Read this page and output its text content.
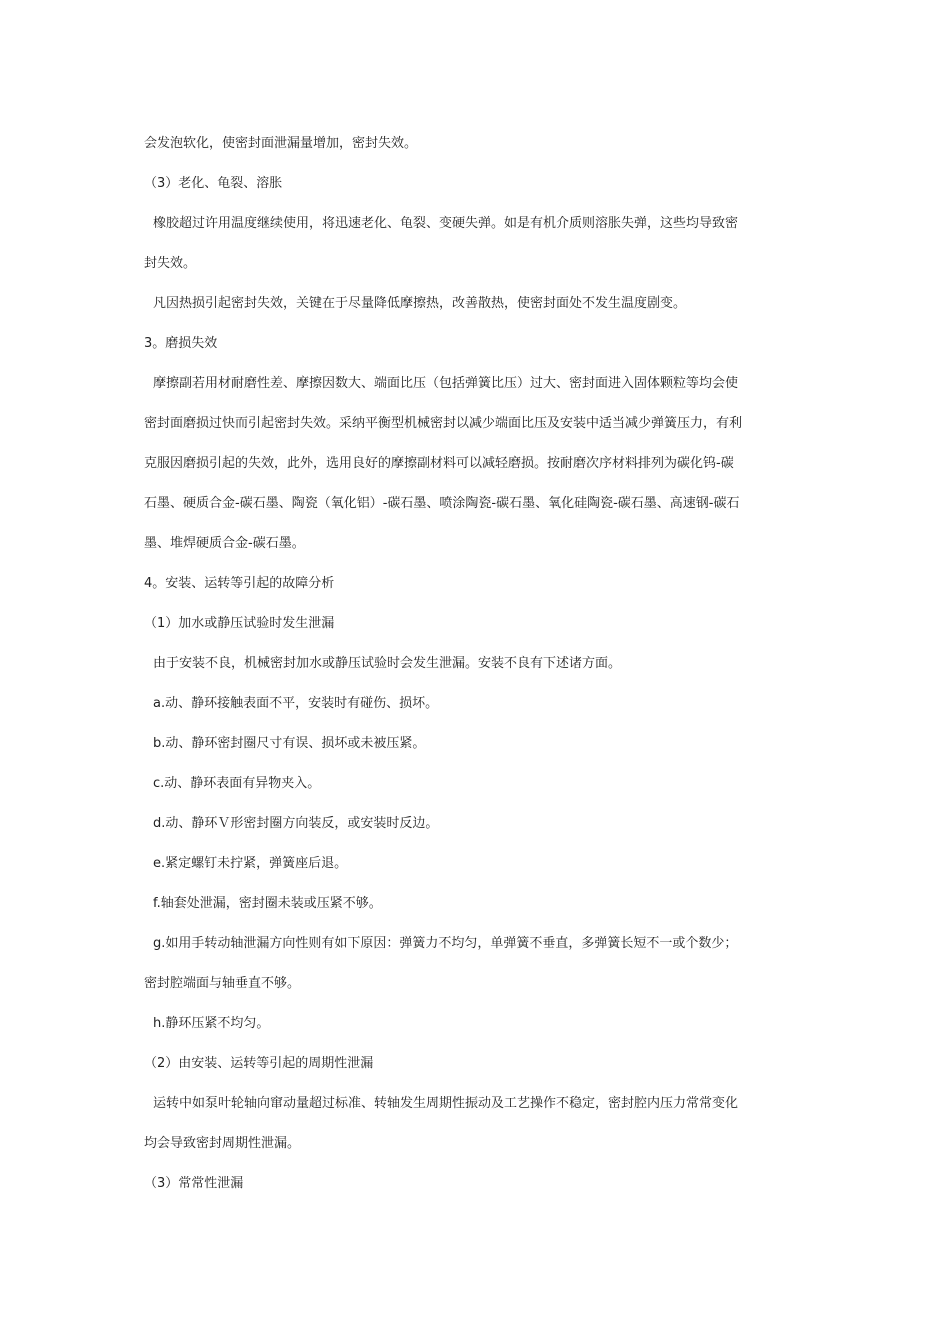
会发泡软化，使密封面泄漏量增加，密封失效。
（3）老化、龟裂、溶胀
橡胶超过许用温度继续使用，将迅速老化、龟裂、变硬失弹。如是有机介质则溶胀失弹，这些均导致密
封失效。
凡因热损引起密封失效，关键在于尽量降低摩擦热，改善散热，使密封面处不发生温度剧变。
3。磨损失效
摩擦副若用材耐磨性差、摩擦因数大、端面比压（包括弹簧比压）过大、密封面进入固体颗粒等均会使
密封面磨损过快而引起密封失效。采纳平衡型机械密封以减少端面比压及安装中适当减少弹簧压力，有利
克服因磨损引起的失效，此外，选用良好的摩擦副材料可以减轻磨损。按耐磨次序材料排列为碳化钨-碳
石墨、硬质合金-碳石墨、陶瓷（氧化铝）-碳石墨、喷涂陶瓷-碳石墨、氧化硅陶瓷-碳石墨、高速钢-碳石
墨、堆焊硬质合金-碳石墨。
4。安装、运转等引起的故障分析
（1）加水或静压试验时发生泄漏
由于安装不良，机械密封加水或静压试验时会发生泄漏。安装不良有下述诸方面。
a.动、静环接触表面不平，安装时有碰伤、损坏。
b.动、静环密封圈尺寸有误、损坏或未被压紧。
c.动、静环表面有异物夹入。
d.动、静环Ｖ形密封圈方向装反，或安装时反边。
e.紧定螺钉未拧紧，弹簧座后退。
f.轴套处泄漏，密封圈未装或压紧不够。
g.如用手转动轴泄漏方向性则有如下原因：弹簧力不均匀，单弹簧不垂直，多弹簧长短不一或个数少；
密封腔端面与轴垂直不够。
h.静环压紧不均匀。
（2）由安装、运转等引起的周期性泄漏
运转中如泵叶轮轴向窜动量超过标准、转轴发生周期性振动及工艺操作不稳定，密封腔内压力常常变化
均会导致密封周期性泄漏。
（3）常常性泄漏
